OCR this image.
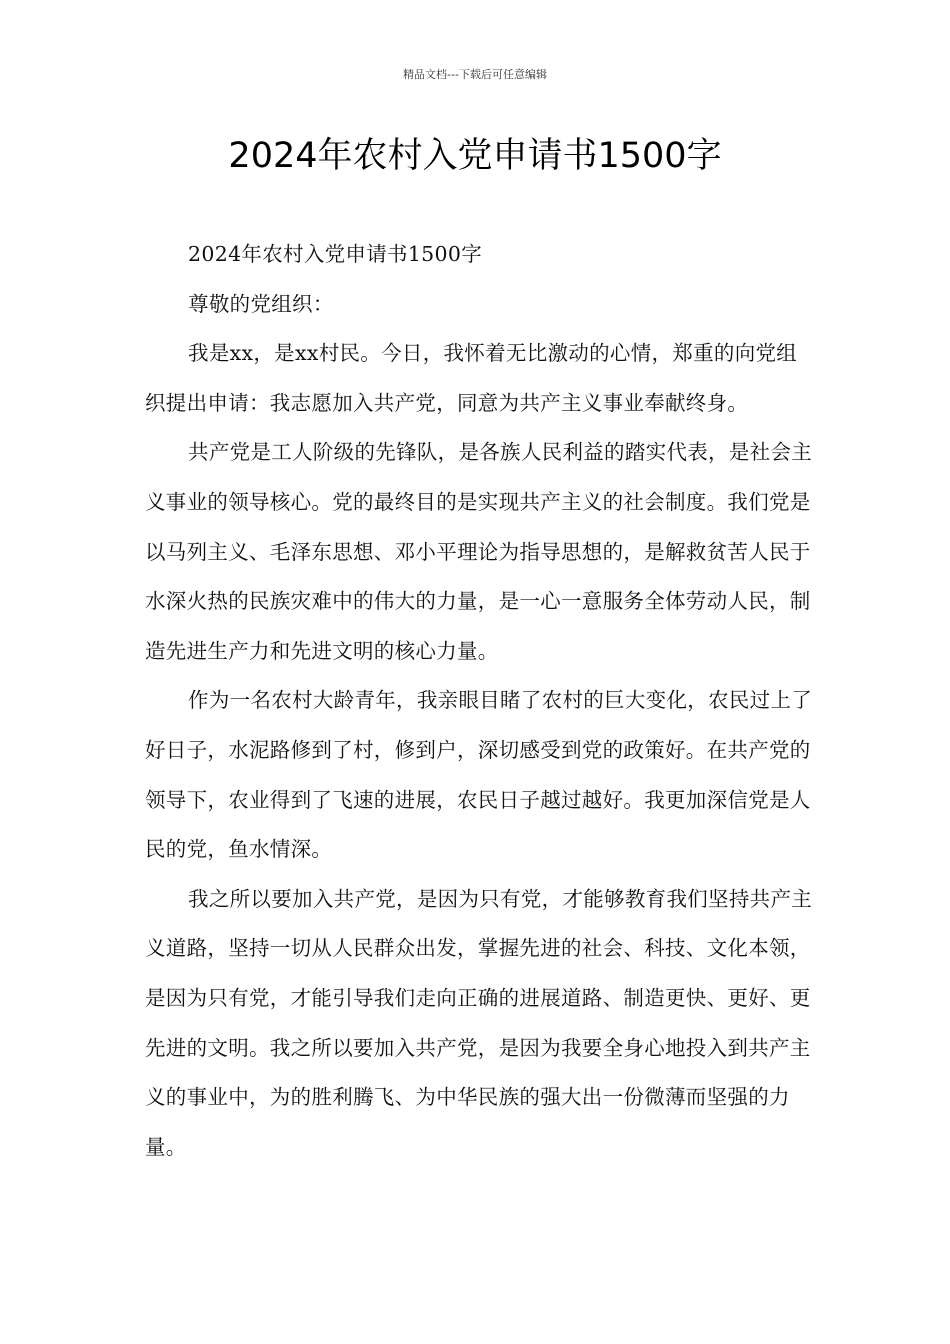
精品文档---下载后可任意编辑
2024年农村入党申请书1500字

2024年农村入党申请书1500字

尊敬的党组织：

我是xx，是xx村民。今日，我怀着无比激动的心情，郑重的向党组织提出申请：我志愿加入共产党，同意为共产主义事业奉献终身。

共产党是工人阶级的先锋队，是各族人民利益的踏实代表，是社会主义事业的领导核心。党的最终目的是实现共产主义的社会制度。我们党是以马列主义、毛泽东思想、邓小平理论为指导思想的，是解救贫苦人民于水深火热的民族灾难中的伟大的力量，是一心一意服务全体劳动人民，制造先进生产力和先进文明的核心力量。

作为一名农村大龄青年，我亲眼目睹了农村的巨大变化，农民过上了好日子，水泥路修到了村，修到户，深切感受到党的政策好。在共产党的领导下，农业得到了飞速的进展，农民日子越过越好。我更加深信党是人民的党，鱼水情深。

我之所以要加入共产党，是因为只有党，才能够教育我们坚持共产主义道路，坚持一切从人民群众出发，掌握先进的社会、科技、文化本领，是因为只有党，才能引导我们走向正确的进展道路、制造更快、更好、更先进的文明。我之所以要加入共产党，是因为我要全身心地投入到共产主义的事业中，为的胜利腾飞、为中华民族的强大出一份微薄而坚强的力量。
